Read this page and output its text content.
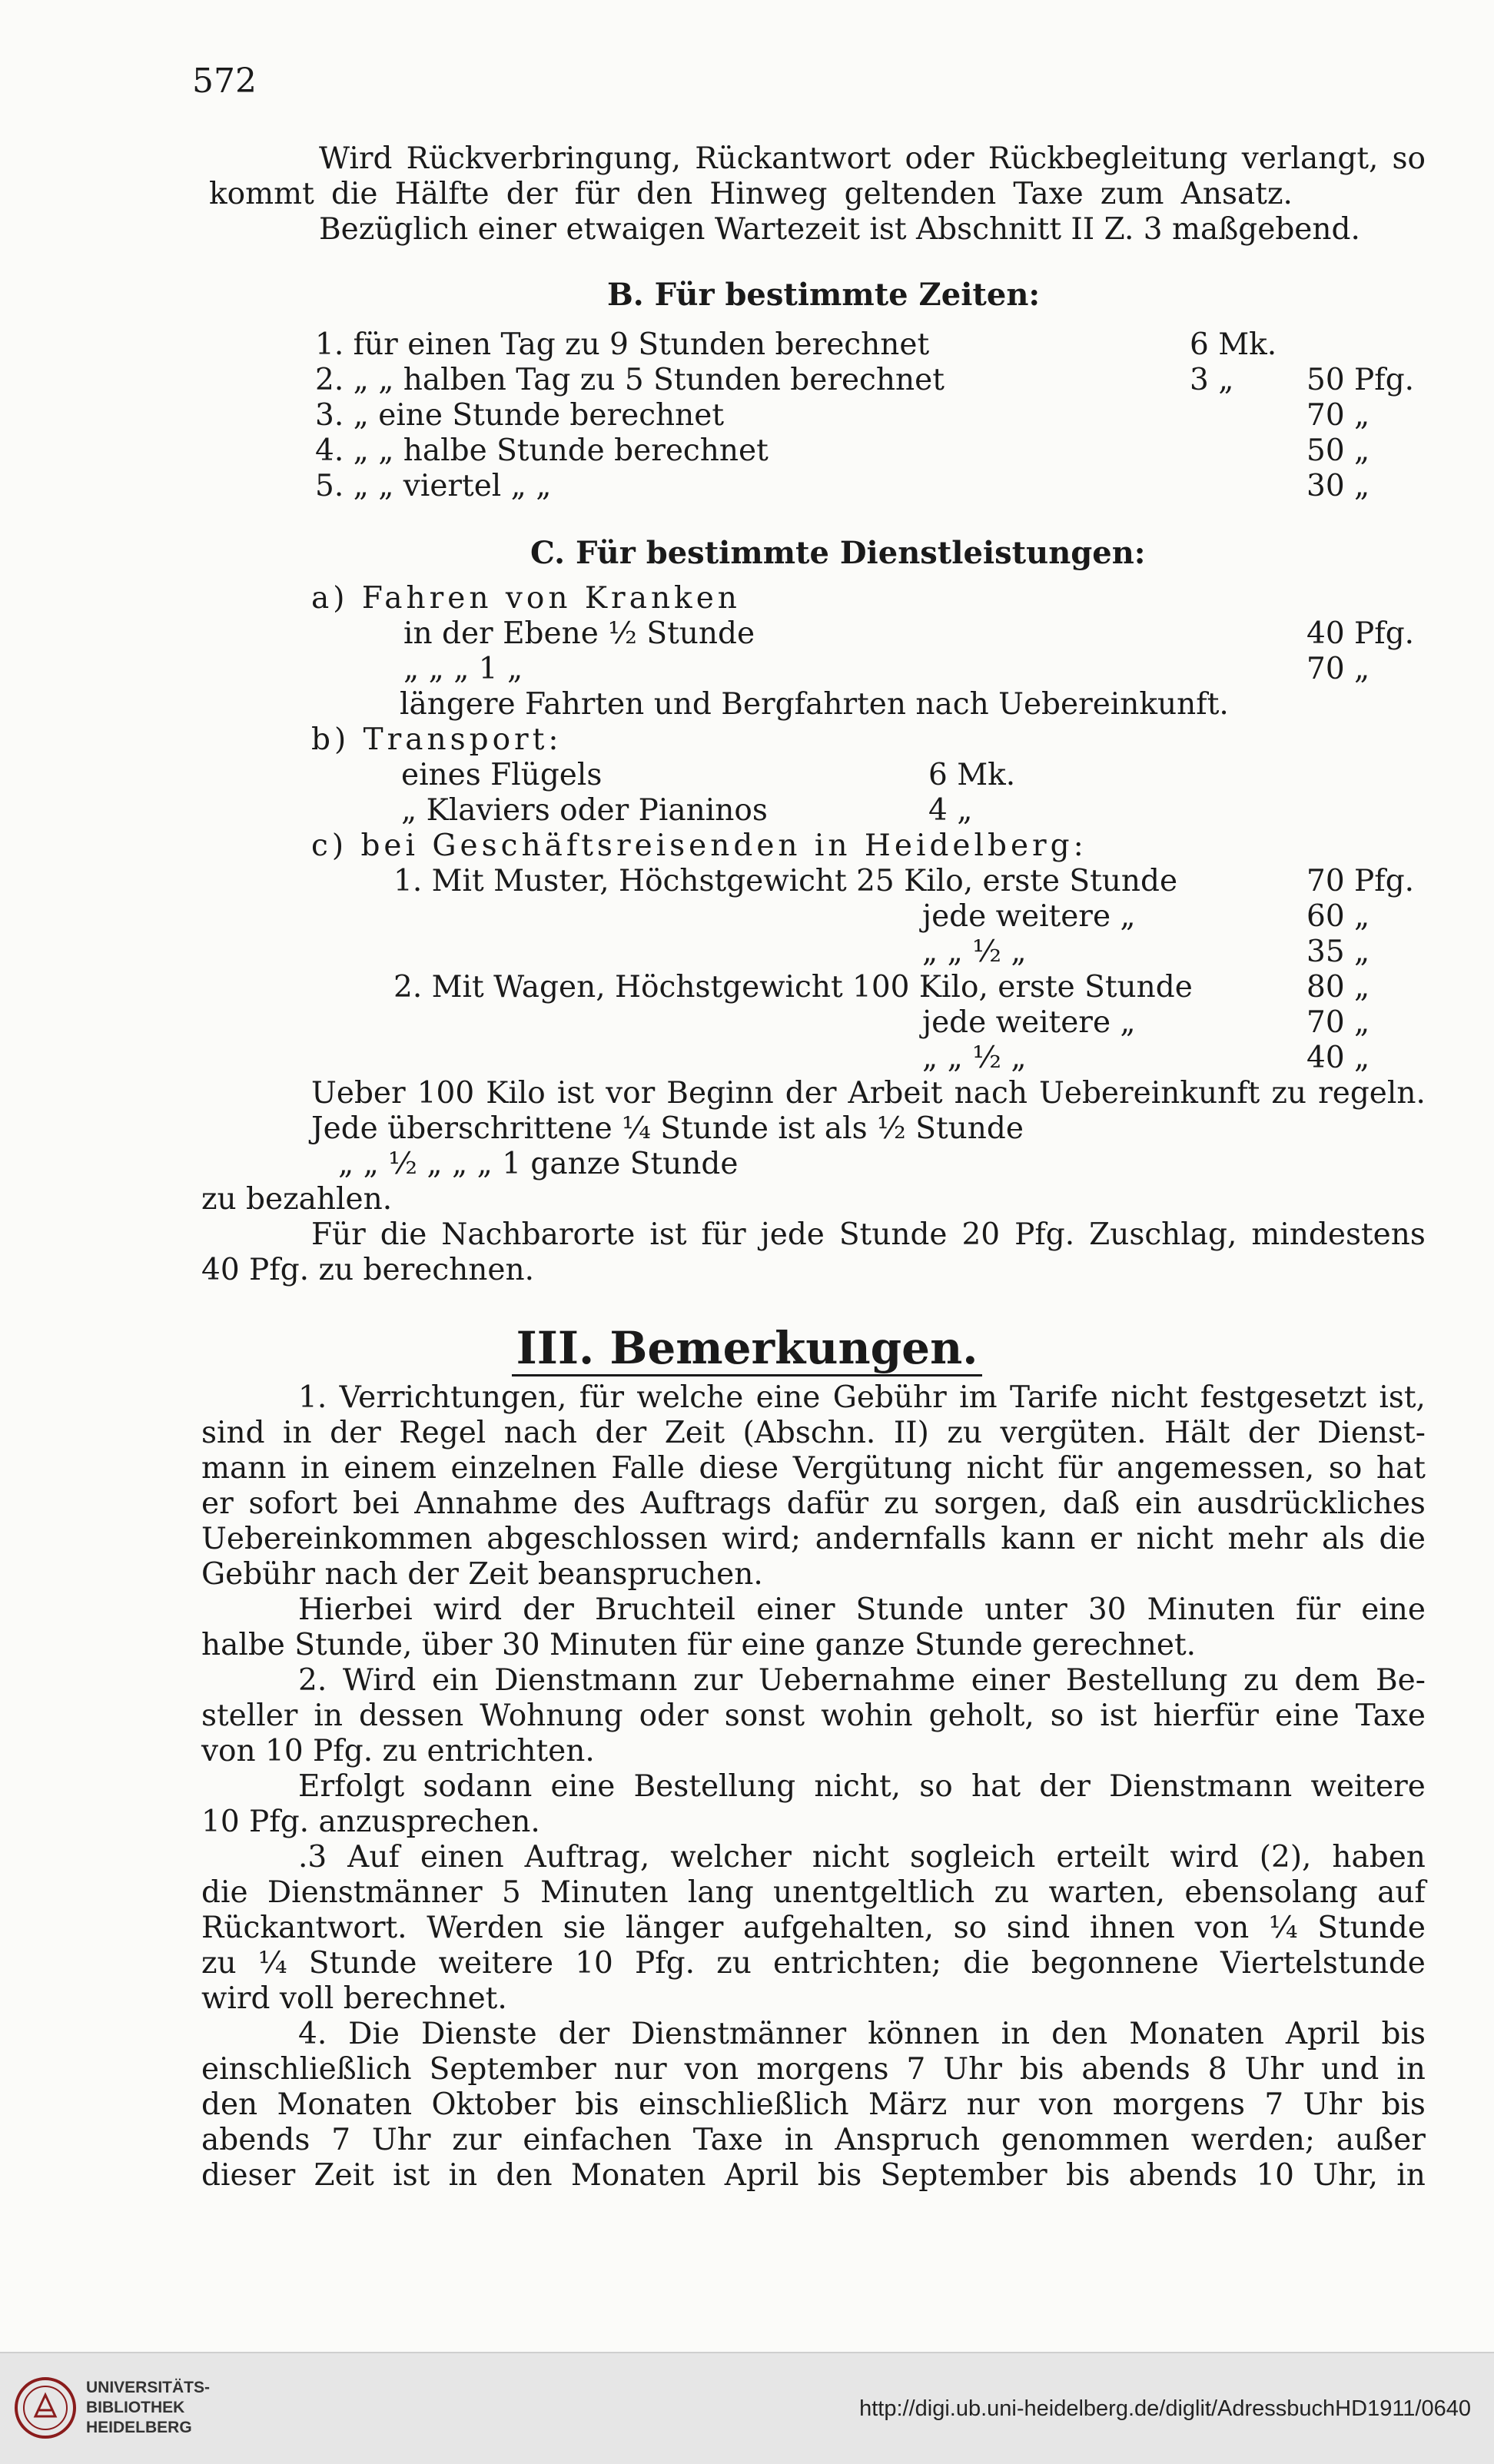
572
Wird Rückverbringung, Rückantwort oder Rückbegleitung verlangt, so
kommt die Hälfte der für den Hinweg geltenden Taxe zum Ansatz.
Bezüglich einer etwaigen Wartezeit ist Abschnitt II Z. 3 maßgebend.
B. Für bestimmte Zeiten:
1. für einen Tag zu 9 Stunden berechnet	6 Mk.
2. „ „ halben Tag zu 5 Stunden berechnet	3 „ 50 Pfg.
3. „ eine Stunde berechnet	70 „
4. „ „ halbe Stunde berechnet	50 „
5. „ „ viertel „ „	30 „
C. Für bestimmte Dienstleistungen:
a) Fahren von Kranken
in der Ebene ½ Stunde	40 Pfg.
„ „ „ 1 „	70 „
längere Fahrten und Bergfahrten nach Uebereinkunft.
b) Transport:
eines Flügels	6 Mk.
„ Klaviers oder Pianinos	4 „
c) bei Geschäftsreisenden in Heidelberg:
1. Mit Muster, Höchstgewicht 25 Kilo, erste Stunde	70 Pfg.
jede weitere „	60 „
„ „ ½ „	35 „
2. Mit Wagen, Höchstgewicht 100 Kilo, erste Stunde	80 „
jede weitere „	70 „
„ „ ½ „	40 „
Ueber 100 Kilo ist vor Beginn der Arbeit nach Uebereinkunft zu regeln.
Jede überschrittene ¼ Stunde ist als ½ Stunde
„ „ ½ „ „ „ 1 ganze Stunde
zu bezahlen.
Für die Nachbarorte ist für jede Stunde 20 Pfg. Zuschlag, mindestens
40 Pfg. zu berechnen.
III. Bemerkungen.
1. Verrichtungen, für welche eine Gebühr im Tarife nicht festgesetzt ist,
sind in der Regel nach der Zeit (Abschn. II) zu vergüten. Hält der Dienst-
mann in einem einzelnen Falle diese Vergütung nicht für angemessen, so hat
er sofort bei Annahme des Auftrags dafür zu sorgen, daß ein ausdrückliches
Uebereinkommen abgeschlossen wird; andernfalls kann er nicht mehr als die
Gebühr nach der Zeit beanspruchen.
Hierbei wird der Bruchteil einer Stunde unter 30 Minuten für eine
halbe Stunde, über 30 Minuten für eine ganze Stunde gerechnet.
2. Wird ein Dienstmann zur Uebernahme einer Bestellung zu dem Be-
steller in dessen Wohnung oder sonst wohin geholt, so ist hierfür eine Taxe
von 10 Pfg. zu entrichten.
Erfolgt sodann eine Bestellung nicht, so hat der Dienstmann weitere
10 Pfg. anzusprechen.
.3 Auf einen Auftrag, welcher nicht sogleich erteilt wird (2), haben
die Dienstmänner 5 Minuten lang unentgeltlich zu warten, ebensolang auf
Rückantwort. Werden sie länger aufgehalten, so sind ihnen von ¼ Stunde
zu ¼ Stunde weitere 10 Pfg. zu entrichten; die begonnene Viertelstunde
wird voll berechnet.
4. Die Dienste der Dienstmänner können in den Monaten April bis
einschließlich September nur von morgens 7 Uhr bis abends 8 Uhr und in
den Monaten Oktober bis einschließlich März nur von morgens 7 Uhr bis
abends 7 Uhr zur einfachen Taxe in Anspruch genommen werden; außer
dieser Zeit ist in den Monaten April bis September bis abends 10 Uhr, in
UNIVERSITÄTS-
BIBLIOTHEK
HEIDELBERG
http://digi.ub.uni-heidelberg.de/diglit/AdressbuchHD1911/0640
